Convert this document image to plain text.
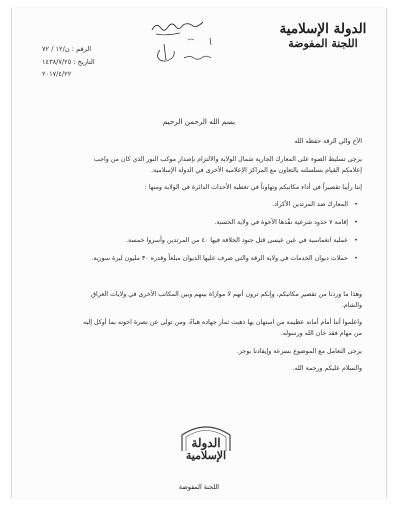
الدولة الإسلامية
اللجنة المفوضة
الرقم : ن/١٢ / ٧٢
التاريخ : ١٤٣٨/٧/٢٥
٢٠١٧/٤/٢٢
بسم الله الرحمن الرحيم
الأخ والي الرقة حفظه الله
يرجى تسليط الضوء على المعارك الجارية شمال الولاية والالتزام بإصدار موكب النور الذي كان من واجب
إعلامكم القيام بسلسلته بالتعاون مع المراكز الإعلامية الأخرى في الدولة الإسلامية.
إننا رأينا تقصيراً في أداء مكاتبكم وتهاوناً في تغطية الأحداث الدائرة في الولاية ومنها :
المعارك ضد المرتدين الأكراد. •
إقامة ٧ حدود شرعية نفّذها الأخوة في ولاية الحسبة. •
عملية انغماسية في عين عيسى قتل جنود الخلافة فيها ٤٠ من المرتدين وأسروا خمسة. •
حملات ديوان الخدمات في ولاية الرقة والتي صرف عليها الديوان مبلغاً وقدره ٣٠ مليون ليرة سورية. •
وهذا ما وردنا من تقصير مكاتبكم، وإنكم ترون أنهم لا موازاة بينهم وبين المكاتب الأخرى في ولايات العراق
والشام.
واعلموا أننا أمام أمانة عظيمة من استهان بها ذهبت ثمار جهاده هباءً، ومن تولى عن نصرة اخوته بما أوكل إليه
من مهام فقد خان الله ورسوله.
يرجى التعامل مع الموضوع بسرعة وإيفادنا بوجز.
والسلام عليكم ورحمة الله.
الدولة
الإسلامية
اللجنة المفوضة
